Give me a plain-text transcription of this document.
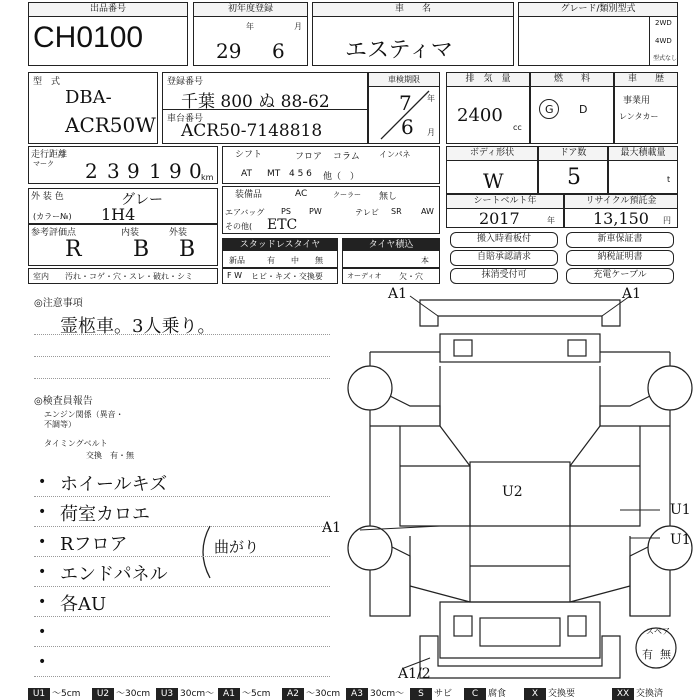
出品番号
CH0100
初年度登録
29
年
6
月
車　　名
エスティマ
グレード/類別型式
2WD
4WD
型式なし
型　式
DBA-
ACR50W
登録番号
千葉 800 ぬ 88-62
車台番号
ACR50-7148818
車検期限
7 年
6 月
排　気　量
2400
cc
燃　　料
G D
車　　歴
事業用
レンタカー
走行距離
マーク 2 3 9 1 9 0 km
シフト	フロア コラム インパネ
AT MT 4 5 6 他（　）
ボディ形状
W
ドア数
5
最大積載量
t
外 装 色	グレー
(カラー№) 1H4
装備品	AC	クーラー 無し
エアバッグ PS PW	テレビ SR AW
その他( ETC
シートベルト年
2017	年
リサイクル預託金
13,150 円
参考評価点
R
内装
B
外装
B	スタッドレスタイヤ
新品	有 中 無
タイヤ積込
本
室内 汚れ・コゲ・穴・スレ・破れ・シミ	F W ヒビ・キズ・交換要	オーディオ 欠・穴
搬入時看板付	新車保証書
自賠承認請求	納税証明書
抹消受付可	充電ケーブル
◎注意事項
霊柩車。3人乗り。
◎検査員報告
エンジン関係（異音・不調等）
タイミングベルト
交換　有・無
• ホイールキズ
• 荷室カロエ
• Rフロア	曲がり
• エンドパネル
• 各AU
•
•
A1	A1
U2
A1
U1
U1
A1/2
スペア
有 無
U1 ～5cm	U2 ～30cm	U3 30cm～ A1 ～5cm	A2 ～30cm	A3 30cm～	S	サビ	C	腐食	X	交換要	XX 交換済
